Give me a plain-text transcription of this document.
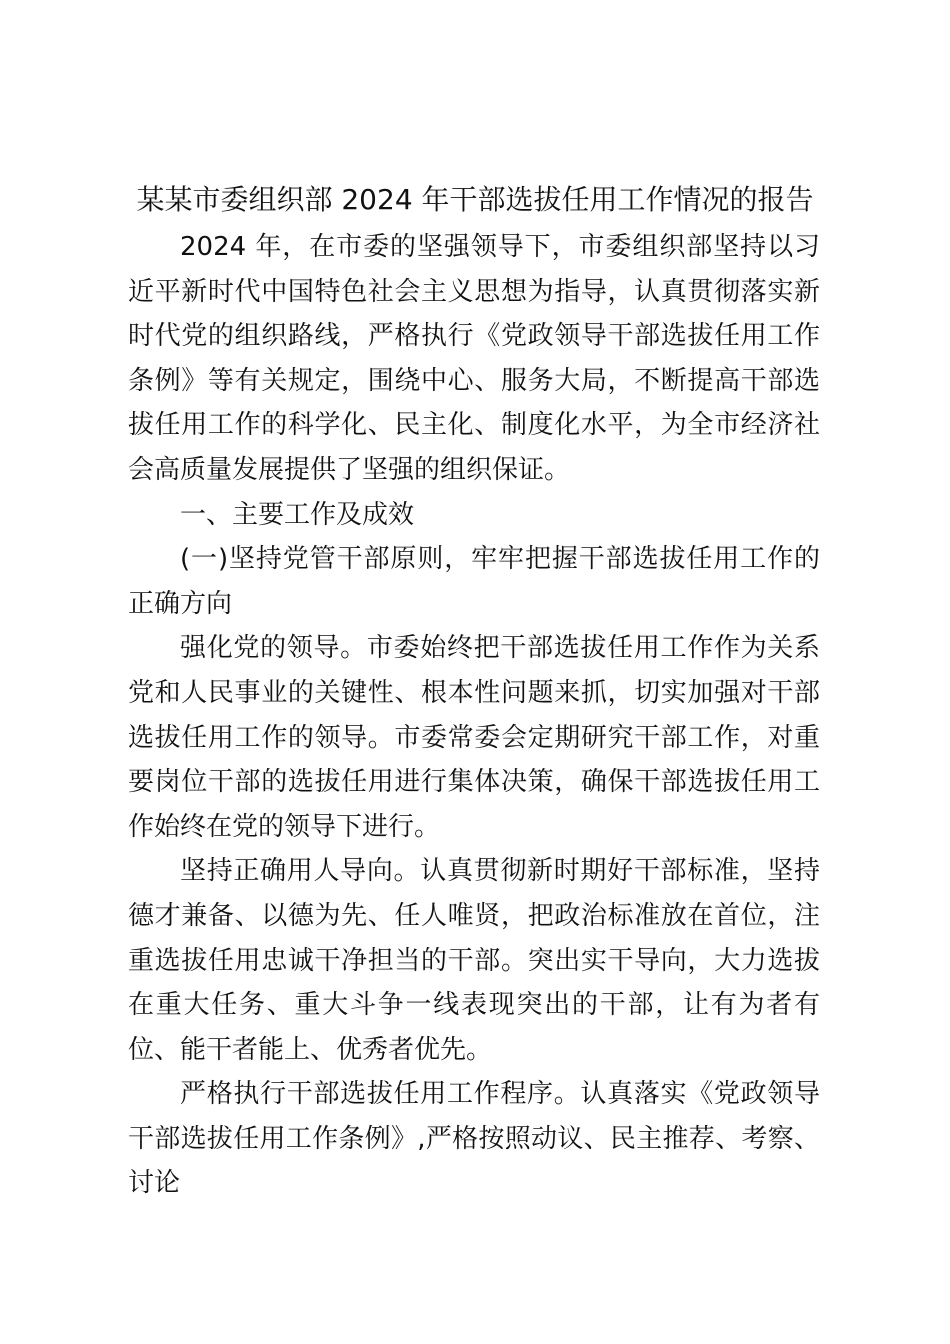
某某市委组织部 2024 年干部选拔任用工作情况的报告

2024 年，在市委的坚强领导下，市委组织部坚持以习近平新时代中国特色社会主义思想为指导，认真贯彻落实新时代党的组织路线，严格执行《党政领导干部选拔任用工作条例》等有关规定，围绕中心、服务大局，不断提高干部选拔任用工作的科学化、民主化、制度化水平，为全市经济社会高质量发展提供了坚强的组织保证。

一、主要工作及成效

(一)坚持党管干部原则，牢牢把握干部选拔任用工作的正确方向

强化党的领导。市委始终把干部选拔任用工作作为关系党和人民事业的关键性、根本性问题来抓，切实加强对干部选拔任用工作的领导。市委常委会定期研究干部工作，对重要岗位干部的选拔任用进行集体决策，确保干部选拔任用工作始终在党的领导下进行。

坚持正确用人导向。认真贯彻新时期好干部标准，坚持德才兼备、以德为先、任人唯贤，把政治标准放在首位，注重选拔任用忠诚干净担当的干部。突出实干导向，大力选拔在重大任务、重大斗争一线表现突出的干部，让有为者有位、能干者能上、优秀者优先。

严格执行干部选拔任用工作程序。认真落实《党政领导干部选拔任用工作条例》,严格按照动议、民主推荐、考察、讨论
